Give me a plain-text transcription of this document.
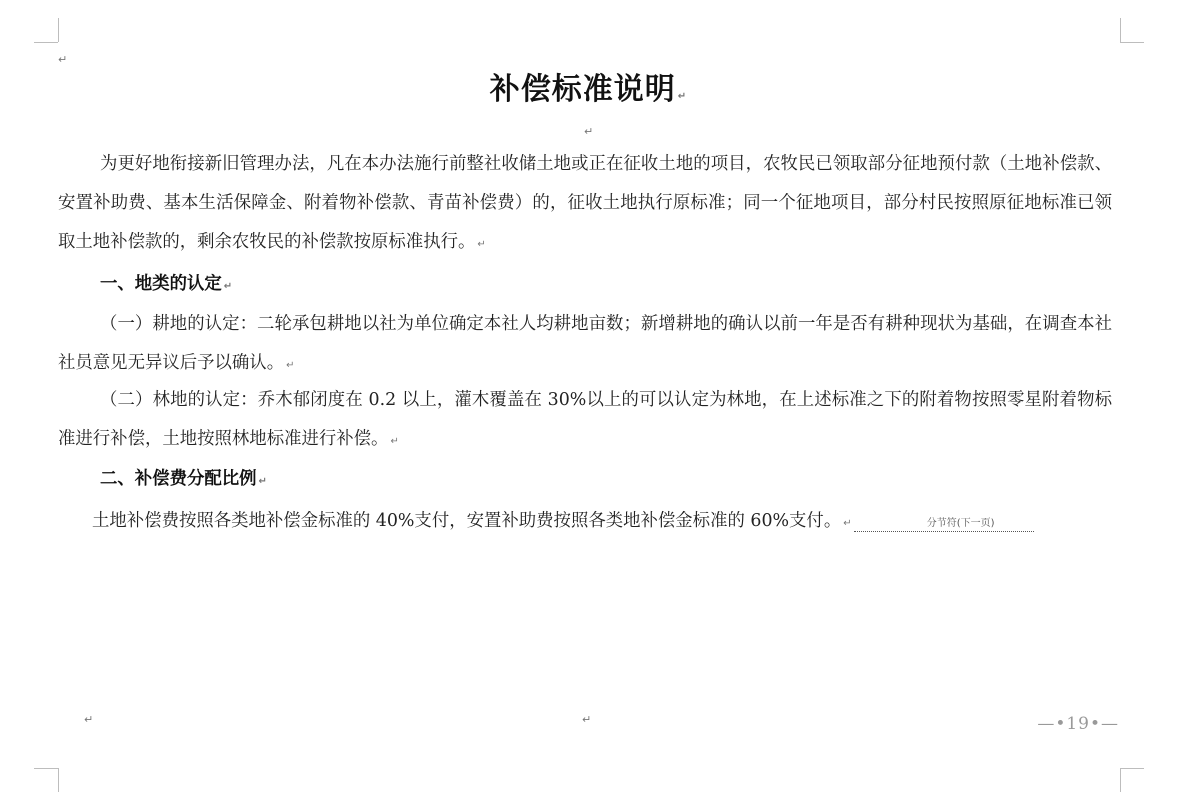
↵
↵
↵	↵
补偿标准说明 ↵
为更好地衔接新旧管理办法，凡在本办法施行前整社收储土地或正在征收土地的项目，农牧民已领取部分征地预付款（土地补偿款、安置补助费、基本生活保障金、附着物补偿款、青苗补偿费）的，征收土地执行原标准；同一个征地项目，部分村民按照原征地标准已领取土地补偿款的，剩余农牧民的补偿款按原标准执行。 ↵
一、地类的认定 ↵
（一）耕地的认定：二轮承包耕地以社为单位确定本社人均耕地亩数；新增耕地的确认以前一年是否有耕种现状为基础，在调查本社社员意见无异议后予以确认。 ↵
（二）林地的认定：乔木郁闭度在 0.2 以上，灌木覆盖在 30%以上的可以认定为林地，在上述标准之下的附着物按照零星附着物标准进行补偿，土地按照林地标准进行补偿。 ↵
二、补偿费分配比例 ↵
土地补偿费按照各类地补偿金标准的 40%支付，安置补助费按照各类地补偿金标准的 60%支付。 ↵	分节符(下一页)
—•19•—
